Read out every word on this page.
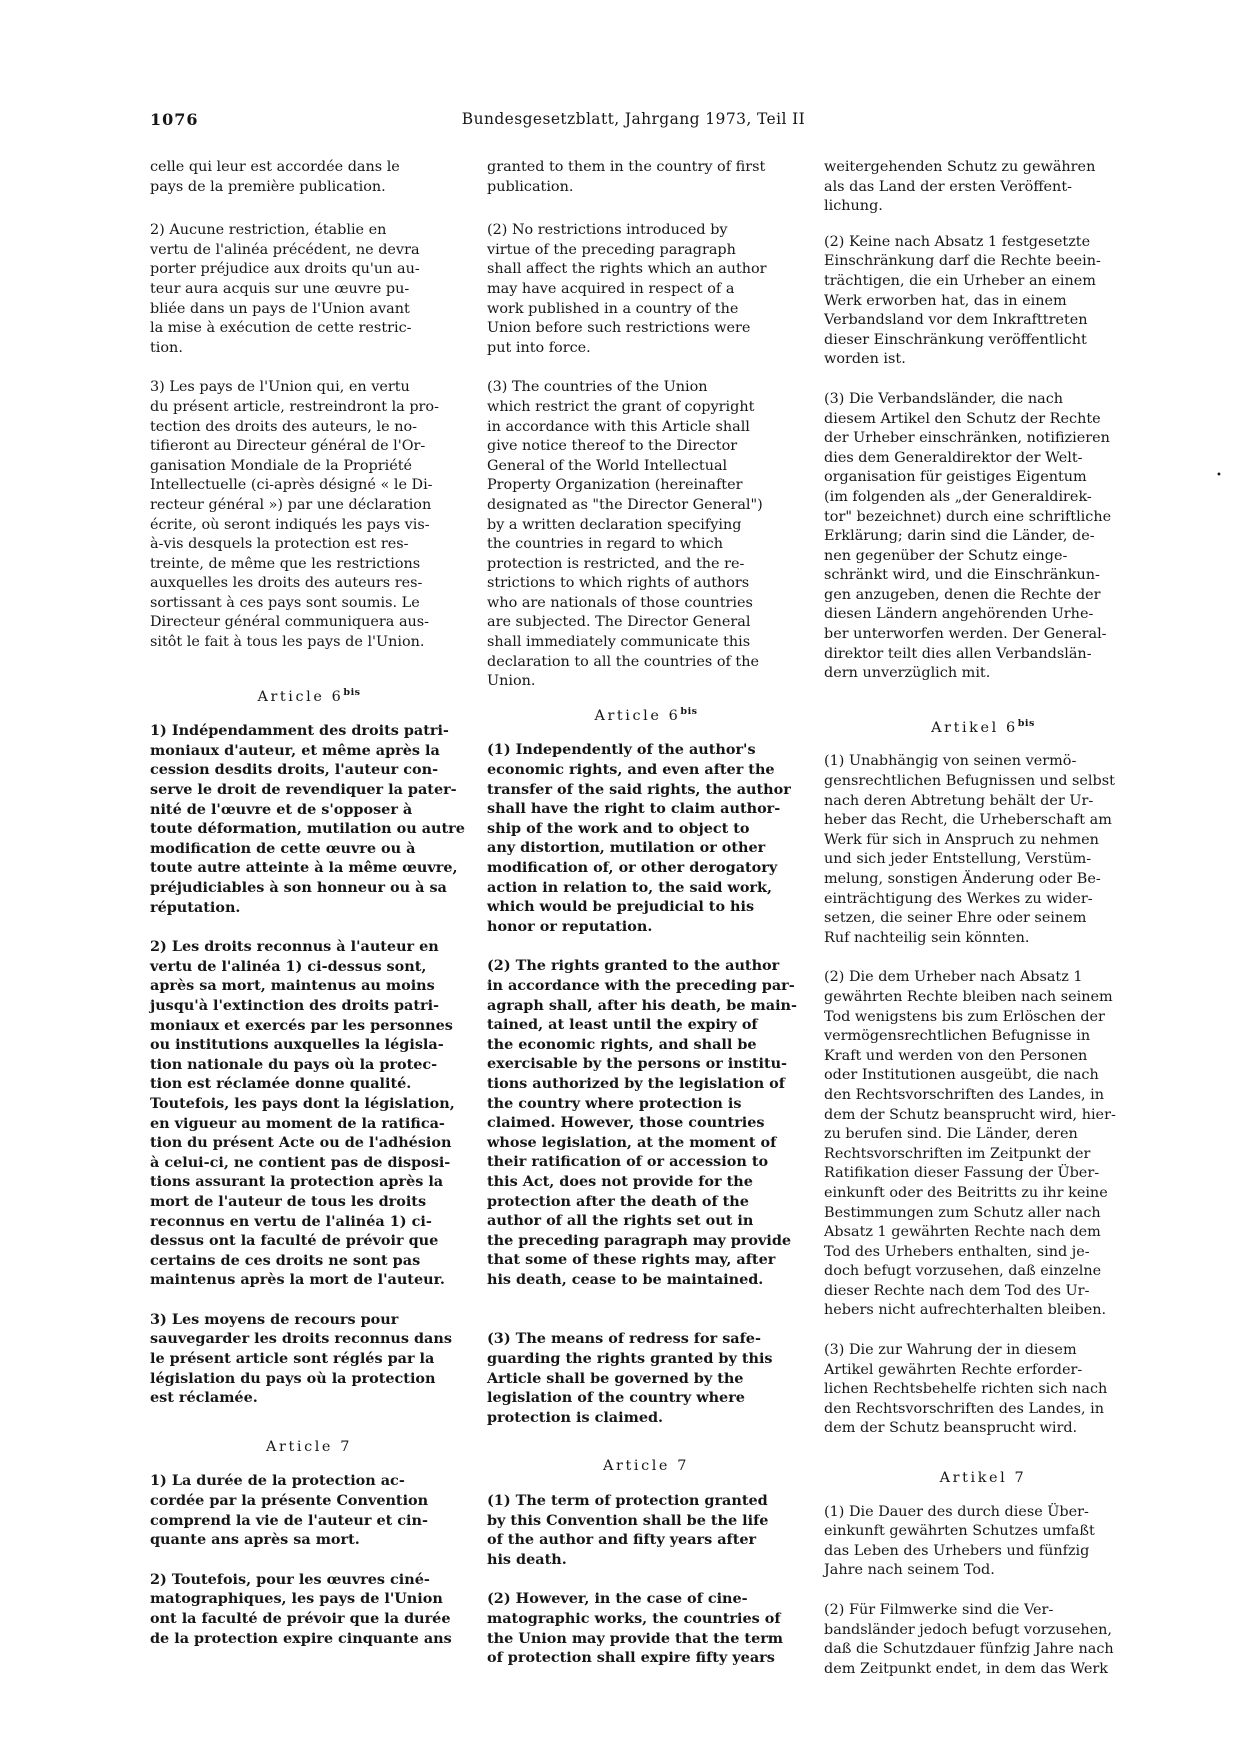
1076	Bundesgesetzblatt, Jahrgang 1973, Teil II

celle qui leur est accordée dans le
pays de la première publication.

2) Aucune restriction, établie en
vertu de l'alinéa précédent, ne devra
porter préjudice aux droits qu'un au-
teur aura acquis sur une œuvre pu-
bliée dans un pays de l'Union avant
la mise à exécution de cette restric-
tion.

3) Les pays de l'Union qui, en vertu
du présent article, restreindront la pro-
tection des droits des auteurs, le no-
tifieront au Directeur général de l'Or-
ganisation Mondiale de la Propriété
Intellectuelle (ci-après désigné « le Di-
recteur général ») par une déclaration
écrite, où seront indiqués les pays vis-
à-vis desquels la protection est res-
treinte, de même que les restrictions
auxquelles les droits des auteurs res-
sortissant à ces pays sont soumis. Le
Directeur général communiquera aus-
sitôt le fait à tous les pays de l'Union.

Article $6^{bis}$

1) Indépendamment des droits patri-
moniaux d'auteur, et même après la
cession desdits droits, l'auteur con-
serve le droit de revendiquer la pater-
nité de l'œuvre et de s'opposer à
toute déformation, mutilation ou autre
modification de cette œuvre ou à
toute autre atteinte à la même œuvre,
préjudiciables à son honneur ou à sa
réputation.

2) Les droits reconnus à l'auteur en
vertu de l'alinéa 1) ci-dessus sont,
après sa mort, maintenus au moins
jusqu'à l'extinction des droits patri-
moniaux et exercés par les personnes
ou institutions auxquelles la législa-
tion nationale du pays où la protec-
tion est réclamée donne qualité.
Toutefois, les pays dont la législation,
en vigueur au moment de la ratifica-
tion du présent Acte ou de l'adhésion
à celui-ci, ne contient pas de disposi-
tions assurant la protection après la
mort de l'auteur de tous les droits
reconnus en vertu de l'alinéa 1) ci-
dessus ont la faculté de prévoir que
certains de ces droits ne sont pas
maintenus après la mort de l'auteur.

3) Les moyens de recours pour
sauvegarder les droits reconnus dans
le présent article sont réglés par la
législation du pays où la protection
est réclamée.

Article 7

1) La durée de la protection ac-
cordée par la présente Convention
comprend la vie de l'auteur et cin-
quante ans après sa mort.

2) Toutefois, pour les œuvres ciné-
matographiques, les pays de l'Union
ont la faculté de prévoir que la durée
de la protection expire cinquante ans

granted to them in the country of first
publication.

(2) No restrictions introduced by
virtue of the preceding paragraph
shall affect the rights which an author
may have acquired in respect of a
work published in a country of the
Union before such restrictions were
put into force.

(3) The countries of the Union
which restrict the grant of copyright
in accordance with this Article shall
give notice thereof to the Director
General of the World Intellectual
Property Organization (hereinafter
designated as "the Director General")
by a written declaration specifying
the countries in regard to which
protection is restricted, and the re-
strictions to which rights of authors
who are nationals of those countries
are subjected. The Director General
shall immediately communicate this
declaration to all the countries of the
Union.

Article $6^{bis}$

(1) Independently of the author's
economic rights, and even after the
transfer of the said rights, the author
shall have the right to claim author-
ship of the work and to object to
any distortion, mutilation or other
modification of, or other derogatory
action in relation to, the said work,
which would be prejudicial to his
honor or reputation.

(2) The rights granted to the author
in accordance with the preceding par-
agraph shall, after his death, be main-
tained, at least until the expiry of
the economic rights, and shall be
exercisable by the persons or institu-
tions authorized by the legislation of
the country where protection is
claimed. However, those countries
whose legislation, at the moment of
their ratification of or accession to
this Act, does not provide for the
protection after the death of the
author of all the rights set out in
the preceding paragraph may provide
that some of these rights may, after
his death, cease to be maintained.

(3) The means of redress for safe-
guarding the rights granted by this
Article shall be governed by the
legislation of the country where
protection is claimed.

Article 7

(1) The term of protection granted
by this Convention shall be the life
of the author and fifty years after
his death.

(2) However, in the case of cine-
matographic works, the countries of
the Union may provide that the term
of protection shall expire fifty years

weitergehenden Schutz zu gewähren
als das Land der ersten Veröffent-
lichung.

(2) Keine nach Absatz 1 festgesetzte
Einschränkung darf die Rechte beein-
trächtigen, die ein Urheber an einem
Werk erworben hat, das in einem
Verbandsland vor dem Inkrafttreten
dieser Einschränkung veröffentlicht
worden ist.

(3) Die Verbandsländer, die nach
diesem Artikel den Schutz der Rechte
der Urheber einschränken, notifizieren
dies dem Generaldirektor der Welt-
organisation für geistiges Eigentum
(im folgenden als „der Generaldirek-
tor" bezeichnet) durch eine schriftliche
Erklärung; darin sind die Länder, de-
nen gegenüber der Schutz einge-
schränkt wird, und die Einschränkun-
gen anzugeben, denen die Rechte der
diesen Ländern angehörenden Urhe-
ber unterworfen werden. Der General-
direktor teilt dies allen Verbandslän-
dern unverzüglich mit.

Artikel $6^{bis}$

(1) Unabhängig von seinen vermö-
gensrechtlichen Befugnissen und selbst
nach deren Abtretung behält der Ur-
heber das Recht, die Urheberschaft am
Werk für sich in Anspruch zu nehmen
und sich jeder Entstellung, Verstüm-
melung, sonstigen Änderung oder Be-
einträchtigung des Werkes zu wider-
setzen, die seiner Ehre oder seinem
Ruf nachteilig sein könnten.

(2) Die dem Urheber nach Absatz 1
gewährten Rechte bleiben nach seinem
Tod wenigstens bis zum Erlöschen der
vermögensrechtlichen Befugnisse in
Kraft und werden von den Personen
oder Institutionen ausgeübt, die nach
den Rechtsvorschriften des Landes, in
dem der Schutz beansprucht wird, hier-
zu berufen sind. Die Länder, deren
Rechtsvorschriften im Zeitpunkt der
Ratifikation dieser Fassung der Über-
einkunft oder des Beitritts zu ihr keine
Bestimmungen zum Schutz aller nach
Absatz 1 gewährten Rechte nach dem
Tod des Urhebers enthalten, sind je-
doch befugt vorzusehen, daß einzelne
dieser Rechte nach dem Tod des Ur-
hebers nicht aufrechterhalten bleiben.

(3) Die zur Wahrung der in diesem
Artikel gewährten Rechte erforder-
lichen Rechtsbehelfe richten sich nach
den Rechtsvorschriften des Landes, in
dem der Schutz beansprucht wird.

Artikel 7

(1) Die Dauer des durch diese Über-
einkunft gewährten Schutzes umfaßt
das Leben des Urhebers und fünfzig
Jahre nach seinem Tod.

(2) Für Filmwerke sind die Ver-
bandsländer jedoch befugt vorzusehen,
daß die Schutzdauer fünfzig Jahre nach
dem Zeitpunkt endet, in dem das Werk

•
